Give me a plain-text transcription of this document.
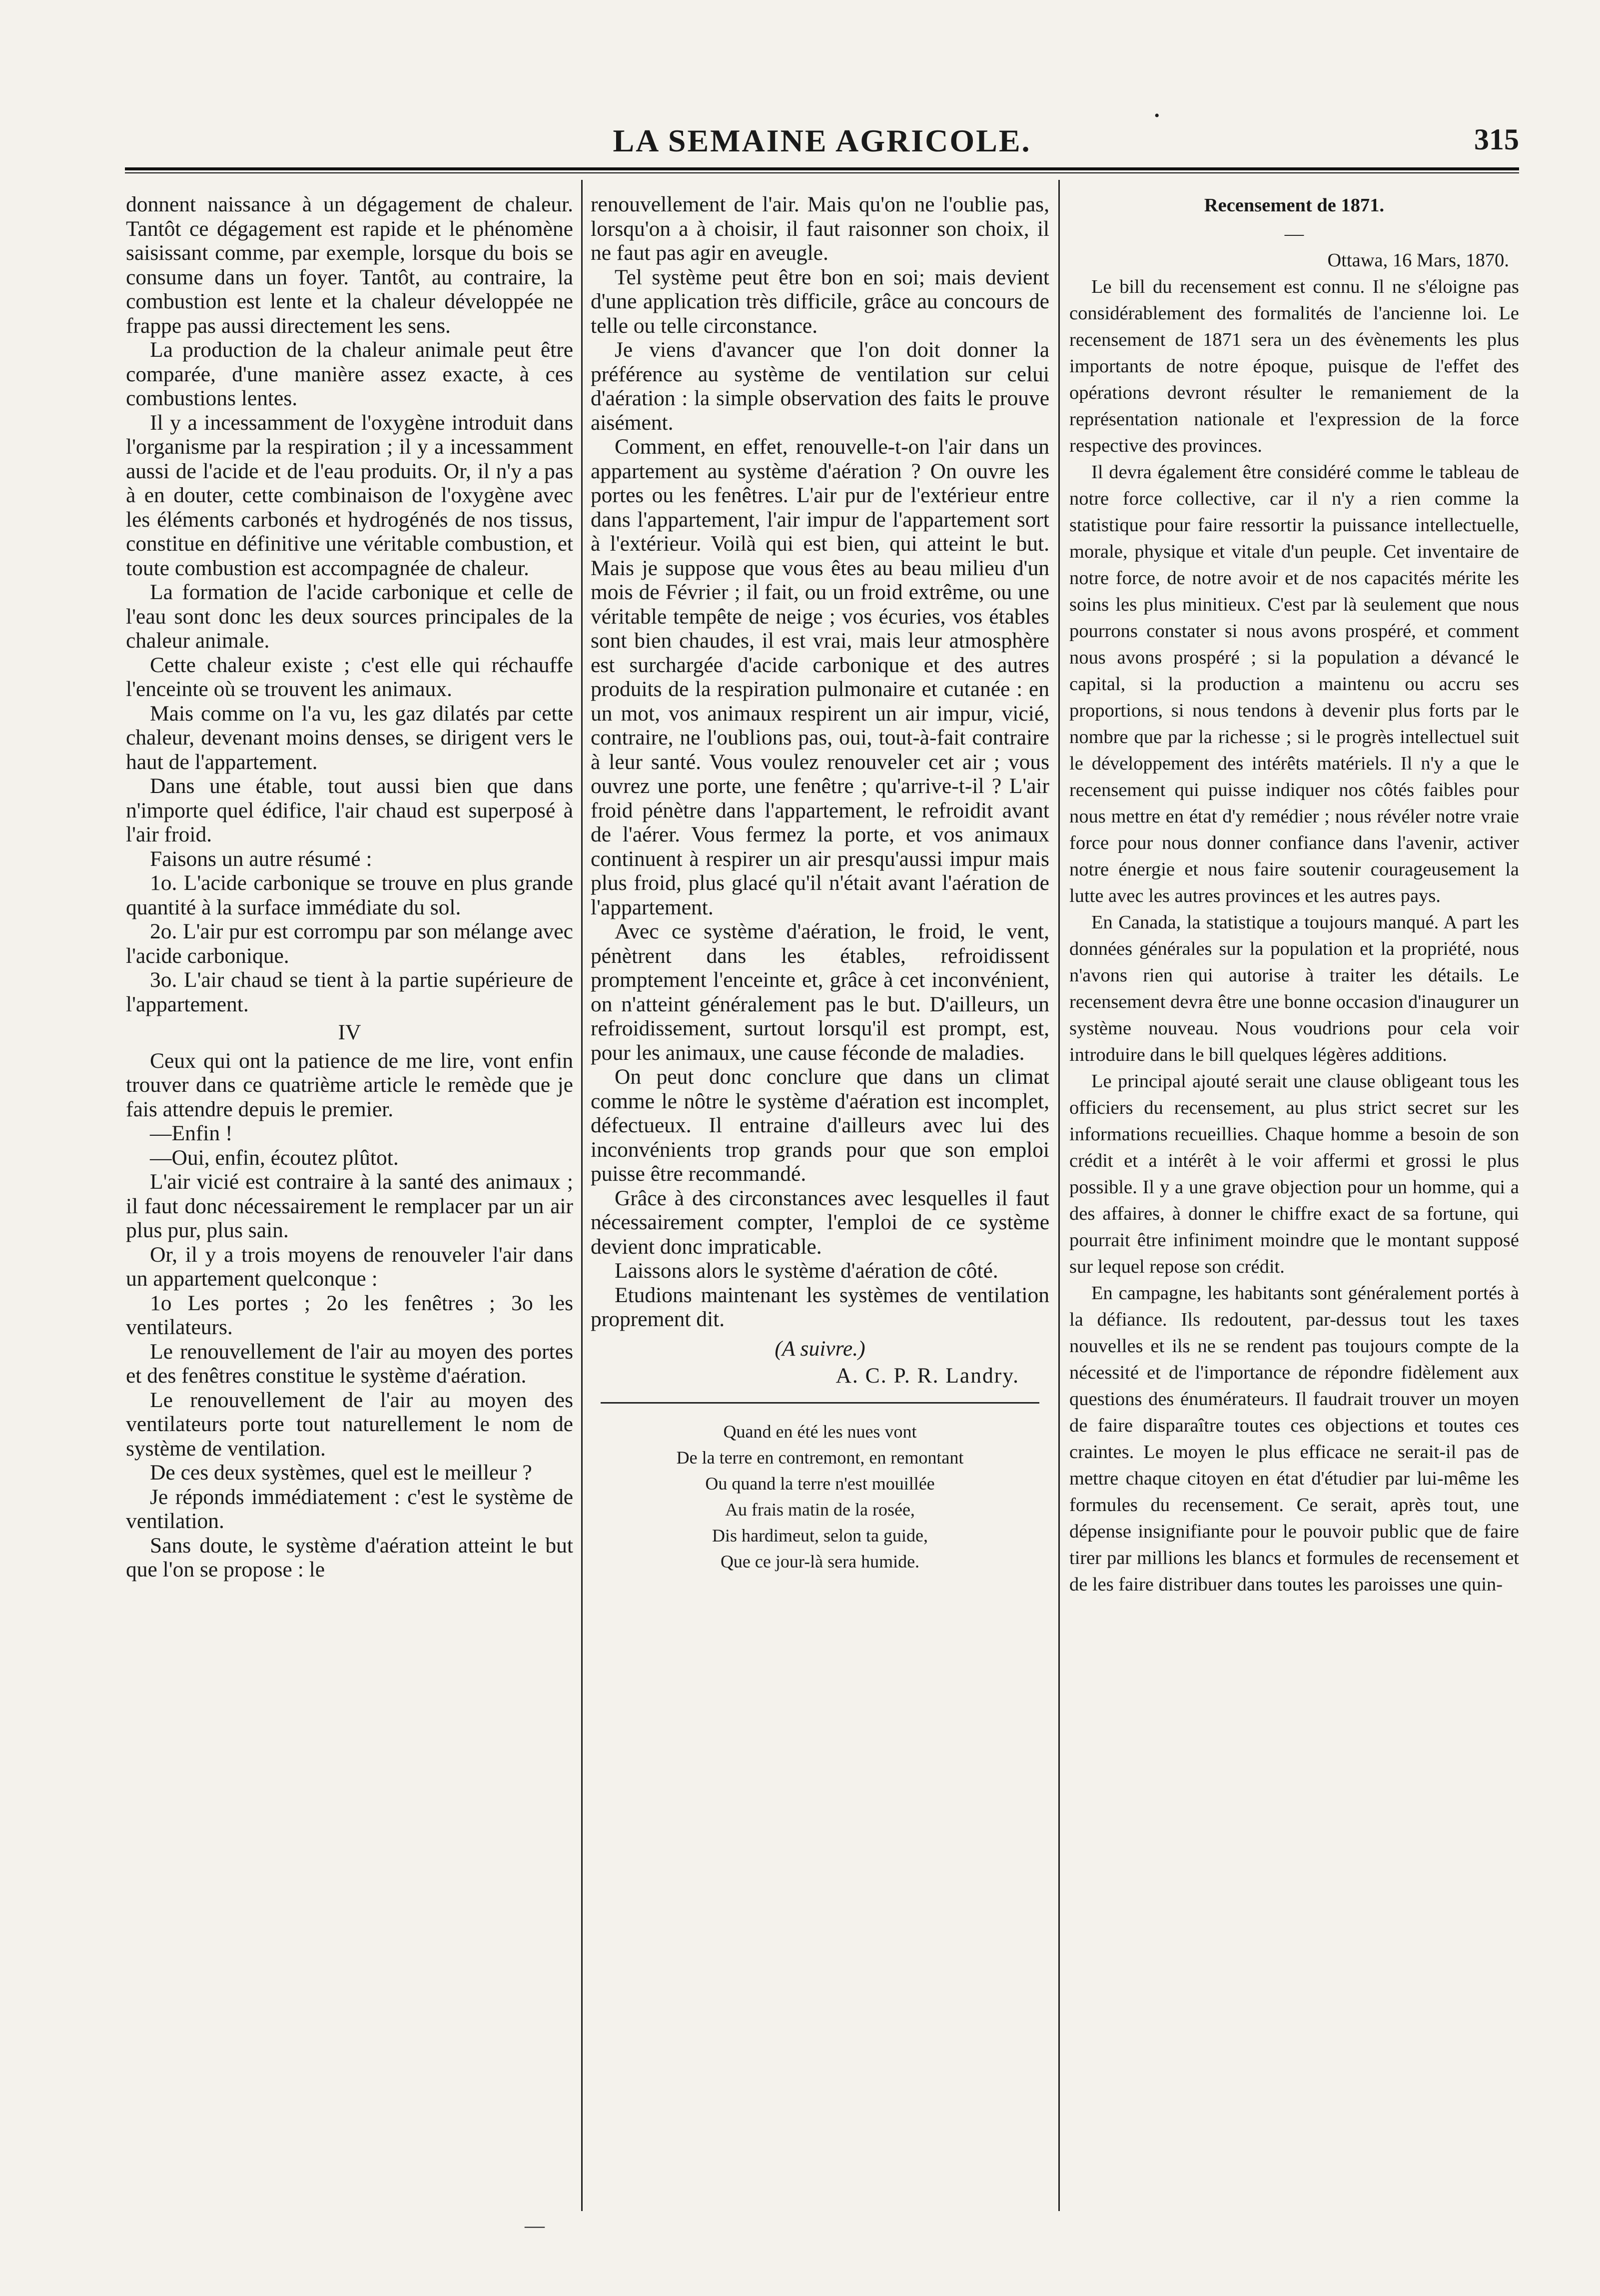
•
LA SEMAINE AGRICOLE.	315

donnent naissance à un dégagement de chaleur. Tantôt ce dégagement est rapide et le phénomène saisissant comme, par exemple, lorsque du bois se consume dans un foyer. Tantôt, au contraire, la combustion est lente et la chaleur développée ne frappe pas aussi directement les sens.

La production de la chaleur animale peut être comparée, d'une manière assez exacte, à ces combustions lentes.

Il y a incessamment de l'oxygène introduit dans l'organisme par la respiration ; il y a incessamment aussi de l'acide et de l'eau produits. Or, il n'y a pas à en douter, cette combinaison de l'oxygène avec les éléments carbonés et hydrogénés de nos tissus, constitue en définitive une véritable combustion, et toute combustion est accompagnée de chaleur.

La formation de l'acide carbonique et celle de l'eau sont donc les deux sources principales de la chaleur animale.

Cette chaleur existe ; c'est elle qui réchauffe l'enceinte où se trouvent les animaux.

Mais comme on l'a vu, les gaz dilatés par cette chaleur, devenant moins denses, se dirigent vers le haut de l'appartement.

Dans une étable, tout aussi bien que dans n'importe quel édifice, l'air chaud est superposé à l'air froid.

Faisons un autre résumé :

1o. L'acide carbonique se trouve en plus grande quantité à la surface immédiate du sol.

2o. L'air pur est corrompu par son mélange avec l'acide carbonique.

3o. L'air chaud se tient à la partie supérieure de l'appartement.

IV

Ceux qui ont la patience de me lire, vont enfin trouver dans ce quatrième article le remède que je fais attendre depuis le premier.

—Enfin !

—Oui, enfin, écoutez plûtot.

L'air vicié est contraire à la santé des animaux ; il faut donc nécessairement le remplacer par un air plus pur, plus sain.

Or, il y a trois moyens de renouveler l'air dans un appartement quelconque :

1o Les portes ; 2o les fenêtres ; 3o les ventilateurs.

Le renouvellement de l'air au moyen des portes et des fenêtres constitue le système d'aération.

Le renouvellement de l'air au moyen des ventilateurs porte tout naturellement le nom de système de ventilation.

De ces deux systèmes, quel est le meilleur ?

Je réponds immédiatement : c'est le système de ventilation.

Sans doute, le système d'aération atteint le but que l'on se propose : le

renouvellement de l'air. Mais qu'on ne l'oublie pas, lorsqu'on a à choisir, il faut raisonner son choix, il ne faut pas agir en aveugle.

Tel système peut être bon en soi; mais devient d'une application très difficile, grâce au concours de telle ou telle circonstance.

Je viens d'avancer que l'on doit donner la préférence au système de ventilation sur celui d'aération : la simple observation des faits le prouve aisément.

Comment, en effet, renouvelle-t-on l'air dans un appartement au système d'aération ? On ouvre les portes ou les fenêtres. L'air pur de l'extérieur entre dans l'appartement, l'air impur de l'appartement sort à l'extérieur. Voilà qui est bien, qui atteint le but. Mais je suppose que vous êtes au beau milieu d'un mois de Février ; il fait, ou un froid extrême, ou une véritable tempête de neige ; vos écuries, vos étables sont bien chaudes, il est vrai, mais leur atmosphère est surchargée d'acide carbonique et des autres produits de la respiration pulmonaire et cutanée : en un mot, vos animaux respirent un air impur, vicié, contraire, ne l'oublions pas, oui, tout-à-fait contraire à leur santé. Vous voulez renouveler cet air ; vous ouvrez une porte, une fenêtre ; qu'arrive-t-il ? L'air froid pénètre dans l'appartement, le refroidit avant de l'aérer. Vous fermez la porte, et vos animaux continuent à respirer un air presqu'aussi impur mais plus froid, plus glacé qu'il n'était avant l'aération de l'appartement.

Avec ce système d'aération, le froid, le vent, pénètrent dans les étables, refroidissent promptement l'enceinte et, grâce à cet inconvénient, on n'atteint généralement pas le but. D'ailleurs, un refroidissement, surtout lorsqu'il est prompt, est, pour les animaux, une cause féconde de maladies.

On peut donc conclure que dans un climat comme le nôtre le système d'aération est incomplet, défectueux. Il entraine d'ailleurs avec lui des inconvénients trop grands pour que son emploi puisse être recommandé.

Grâce à des circonstances avec lesquelles il faut nécessairement compter, l'emploi de ce système devient donc impraticable.

Laissons alors le système d'aération de côté.

Etudions maintenant les systèmes de ventilation proprement dit.

(A suivre.)

A. C. P. R. Landry.

Quand en été les nues vont

De la terre en contremont, en remontant

Ou quand la terre n'est mouillée

Au frais matin de la rosée,

Dis hardimeut, selon ta guide,

Que ce jour-là sera humide.

Recensement de 1871.

—

Ottawa, 16 Mars, 1870.

Le bill du recensement est connu. Il ne s'éloigne pas considérablement des formalités de l'ancienne loi. Le recensement de 1871 sera un des évènements les plus importants de notre époque, puisque de l'effet des opérations devront résulter le remaniement de la représentation nationale et l'expression de la force respective des provinces.

Il devra également être considéré comme le tableau de notre force collective, car il n'y a rien comme la statistique pour faire ressortir la puissance intellectuelle, morale, physique et vitale d'un peuple. Cet inventaire de notre force, de notre avoir et de nos capacités mérite les soins les plus minitieux. C'est par là seulement que nous pourrons constater si nous avons prospéré, et comment nous avons prospéré ; si la population a dévancé le capital, si la production a maintenu ou accru ses proportions, si nous tendons à devenir plus forts par le nombre que par la richesse ; si le progrès intellectuel suit le développement des intérêts matériels. Il n'y a que le recensement qui puisse indiquer nos côtés faibles pour nous mettre en état d'y remédier ; nous révéler notre vraie force pour nous donner confiance dans l'avenir, activer notre énergie et nous faire soutenir courageusement la lutte avec les autres provinces et les autres pays.

En Canada, la statistique a toujours manqué. A part les données générales sur la population et la propriété, nous n'avons rien qui autorise à traiter les détails. Le recensement devra être une bonne occasion d'inaugurer un système nouveau. Nous voudrions pour cela voir introduire dans le bill quelques légères additions.

Le principal ajouté serait une clause obligeant tous les officiers du recensement, au plus strict secret sur les informations recueillies. Chaque homme a besoin de son crédit et a intérêt à le voir affermi et grossi le plus possible. Il y a une grave objection pour un homme, qui a des affaires, à donner le chiffre exact de sa fortune, qui pourrait être infiniment moindre que le montant supposé sur lequel repose son crédit.

En campagne, les habitants sont généralement portés à la défiance. Ils redoutent, par-dessus tout les taxes nouvelles et ils ne se rendent pas toujours compte de la nécessité et de l'importance de répondre fidèlement aux questions des énumérateurs. Il faudrait trouver un moyen de faire disparaître toutes ces objections et toutes ces craintes. Le moyen le plus efficace ne serait-il pas de mettre chaque citoyen en état d'étudier par lui-même les formules du recensement. Ce serait, après tout, une dépense insignifiante pour le pouvoir public que de faire tirer par millions les blancs et formules de recensement et de les faire distribuer dans toutes les paroisses une quin-

—
